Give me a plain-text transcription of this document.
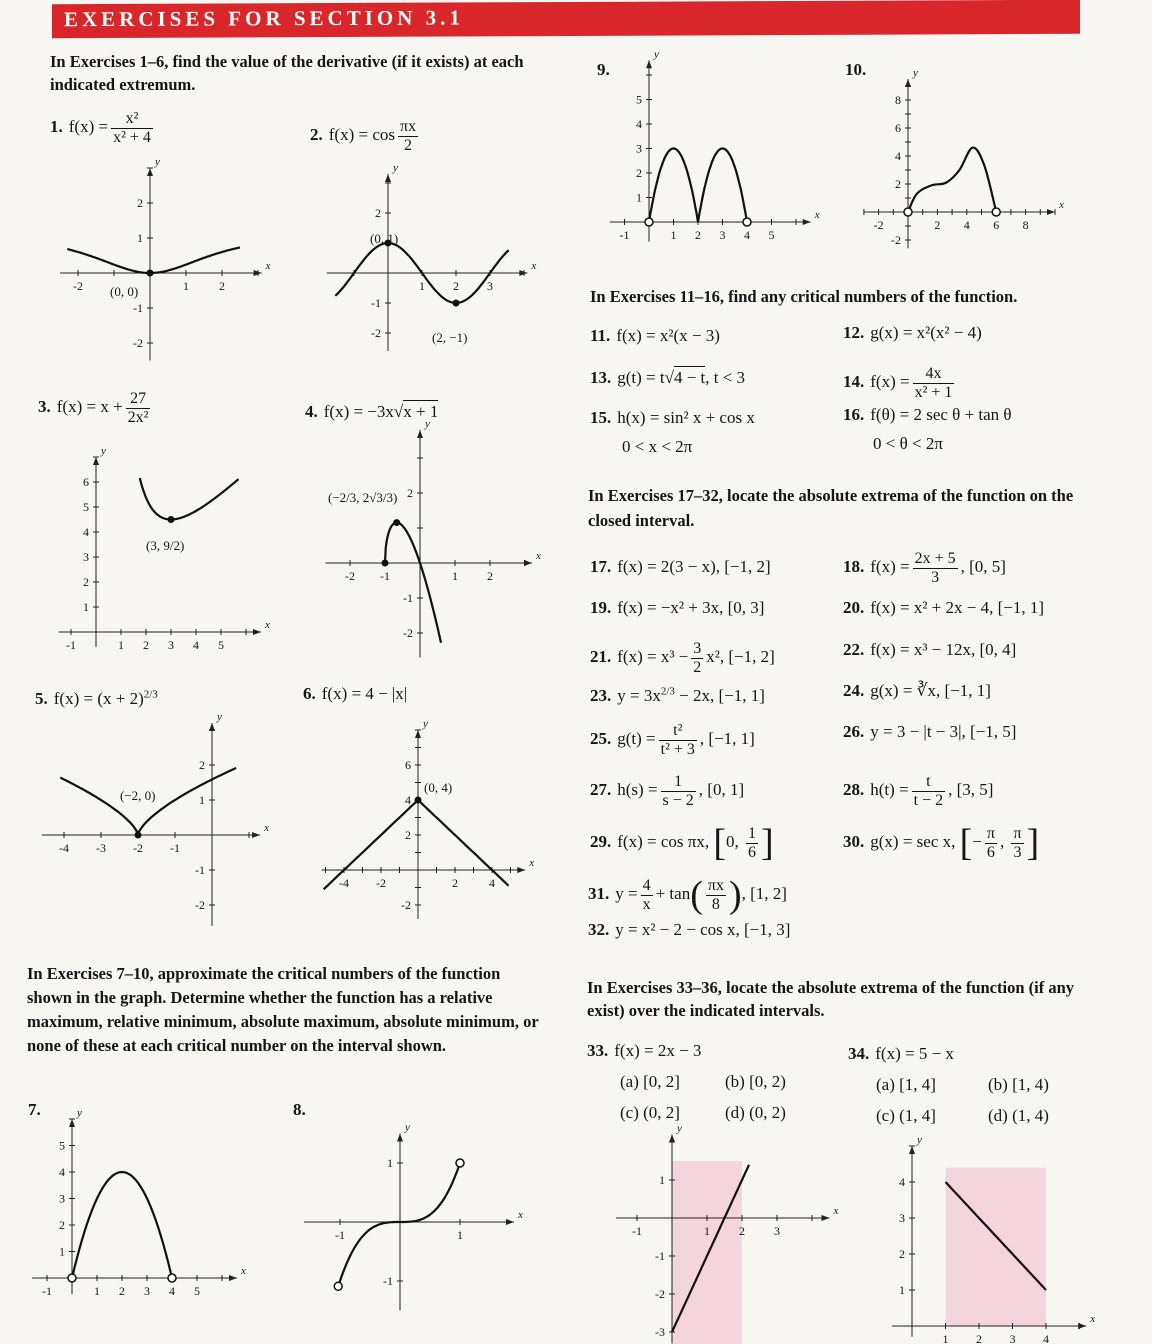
EXERCISES FOR SECTION 3.1
In Exercises 1–6, find the value of the derivative (if it exists) at each indicated extremum.
In Exercises 7–10, approximate the critical numbers of the function shown in the graph. Determine whether the function has a relative maximum, relative minimum, absolute maximum, absolute minimum, or none of these at each critical number on the interval shown.
In Exercises 11–16, find any critical numbers of the function.
In Exercises 17–32, locate the absolute extrema of the function on the closed interval.
In Exercises 33–36, locate the absolute extrema of the function (if any exist) over the indicated intervals.
1. $f(x) = \frac{\text{x²}}{\text{x² + 4}}$	2. $f(x) = \cos \frac{\pi x}{2}$
3. $f(x) = x + \frac{27}{\text{2x²}}$	4. f(x) = −3x√x + 1
5. $f(x) = (x + 2)^{2/3}$	6. f(x) = 4 − |x|
7.	8.
9.	10.
11. f(x) = x²(x − 3)	12. g(x) = x²(x² − 4)
13. g(t) = t√4 − t, t < 3	14. $f(x) = \frac{4x}{\text{x² + 1}}$
15. h(x) = sin² x + cos x
0 < x < 2π
16. f(θ) = 2 sec θ + tan θ
0 < θ < 2π
17. f(x) = 2(3 − x), [−1, 2]	18. $f(x) = \frac{2x + 5}{3}$ , [0, 5]
19. f(x) = −x² + 3x, [0, 3]	20. f(x) = x² + 2x − 4, [−1, 1]
21. $f(x) = x^3 - \frac{3}{2} x^2$, [−1, 2]	22. f(x) = x³ − 12x, [0, 4]
23. $y = 3x^{2/3} - 2x$, [−1, 1]	24. g(x) = ∛x, [−1, 1]
25. $g(t) = \frac{\text{t²}}{\text{t² + 3}}$ , [−1, 1]	26. y = 3 − |t − 3|, [−1, 5]
27. $h(s) = \frac{1}{s - 2}$ , [0, 1]	28. $h(t) = \frac{t}{t - 2}$ , [3, 5]
29. f(x) = cos πx, [0, $\frac{1}{6}$ ]	30. g(x) = sec x, [− $\frac{\pi}{6}$ , $\frac{\pi}{3}$ ]
31. $y = \frac{4}{x} + \tan( \frac{\pi x}{8}$ ), [1, 2]
32. y = x² − 2 − cos x, [−1, 3]
33. f(x) = 2x − 3
(a) [0, 2]	(b) [0, 2)
(c) (0, 2]	(d) (0, 2)
34. f(x) = 5 − x
(a) [1, 4]	(b) [1, 4)
(c) (1, 4]	(d) (1, 4)
x
y
-2	1	2
2
1
-1
-2
(0, 0)
x
y
1 2 3
2
-1
-2
(0, 1)
(2, −1)
x
y
-1	1 2 3 4 5
6
5
4
3
2
1
(3, 9/2)
x
y
-2 -1	1 2
2
-1
-2
(−2/3, 2√3/3)
x
y
-4 -3 -2 -1
2
1
-1
-2
(−2, 0)
x
y
-4 -2	2	4
6
4
2
-2
(0, 4)
x
y
-1	1 2 3 4 5
5
4
3
2
1
x
y
-1	1
1
-1
x
y
-1	1 2 3 4 5
5
4
3
2
1
x
y
-2	2 4 6 8
8
6
4
2
-2
x
y
-1	1 2 3
1
-1
-2
-3
x
y
1 2 3 4
4
3
2
1
